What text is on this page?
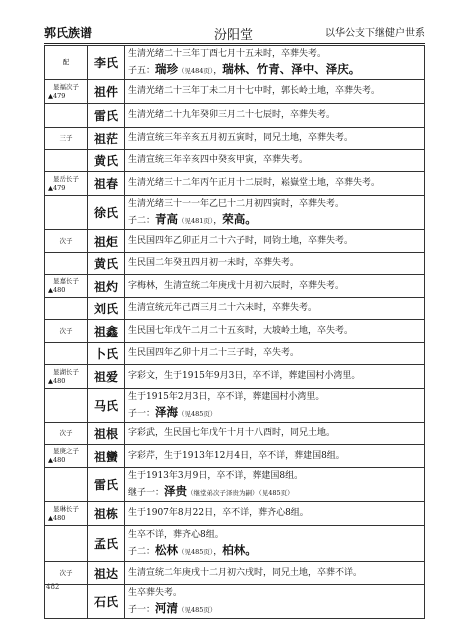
郭氏族谱	汾阳堂	以华公支下继健户世系
配	李氏	生清光绪二十三年丁酉七月十五未时，卒葬失考。
子五：瑞珍（见484页），瑞林、竹青、泽中、泽庆。

显福次子
▲479	祖件	生清光绪二十三年丁未二月十七中时，郭长岭土地，卒葬失考。

	雷氏	生清光绪二十九年癸卯三月二十七辰时，卒葬失考。

三子	祖茫	生清宣统三年辛亥五月初五寅时，同兄土地，卒葬失考。

	黄氏	生清宣统三年辛亥四中癸亥甲寅，卒葬失考。

显岳长子
▲479	祖春	生清光绪三十二年丙午正月十二辰时，崧嶽堂土地，卒葬失考。

	徐氏	生清光绪三十一一年乙巳十二月初四寅时，卒葬失考。
子二：青高（见481页），荣高。

次子	祖炬	生民国四年乙卯正月二十六子时，同钧土地，卒葬失考。

	黄氏	生民国二年癸丑四月初一未时，卒葬失考。

显嘉长子
▲480	祖灼	字梅林，生清宣统二年庚戌十月初六辰时，卒葬失考。

	刘氏	生清宣统元年己酉三月二十六未时，卒葬失考。

次子	祖鑫	生民国七年戊午二月二十五亥时，大坡岭土地，卒失考。

	卜氏	生民国四年乙卯十月二十三子时，卒失考。

显湖长子
▲480	祖爱	字彩文，生于1915年9月3日，卒不详，葬建国村小湾里。

	马氏	生于1915年2月3日，卒不详，葬建国村小湾里。
子一：泽海（见485页）

次子	祖根	字彩武，生民国七年戊午十月十八酉时，同兄土地。

显庚之子
▲480	祖蠻	字彩芹，生于1913年12月4日，卒不详，葬建国8组。

	雷氏	生于1913年3月9日，卒不详，葬建国8组。
继子一：泽贵（继堂弟次子泽贵为嗣）（见485页）

显琳长子
▲480	祖栋	生于1907年8月22日，卒不详，葬齐心8组。

	孟氏	生卒不详，葬齐心8组。
子二：松林（见485页），柏林。

次子	祖达	生清宣统二年庚戌十二月初六戌时，同兄土地，卒葬不详。

	石氏	生卒葬失考。
子一：河清（见485页）
482
